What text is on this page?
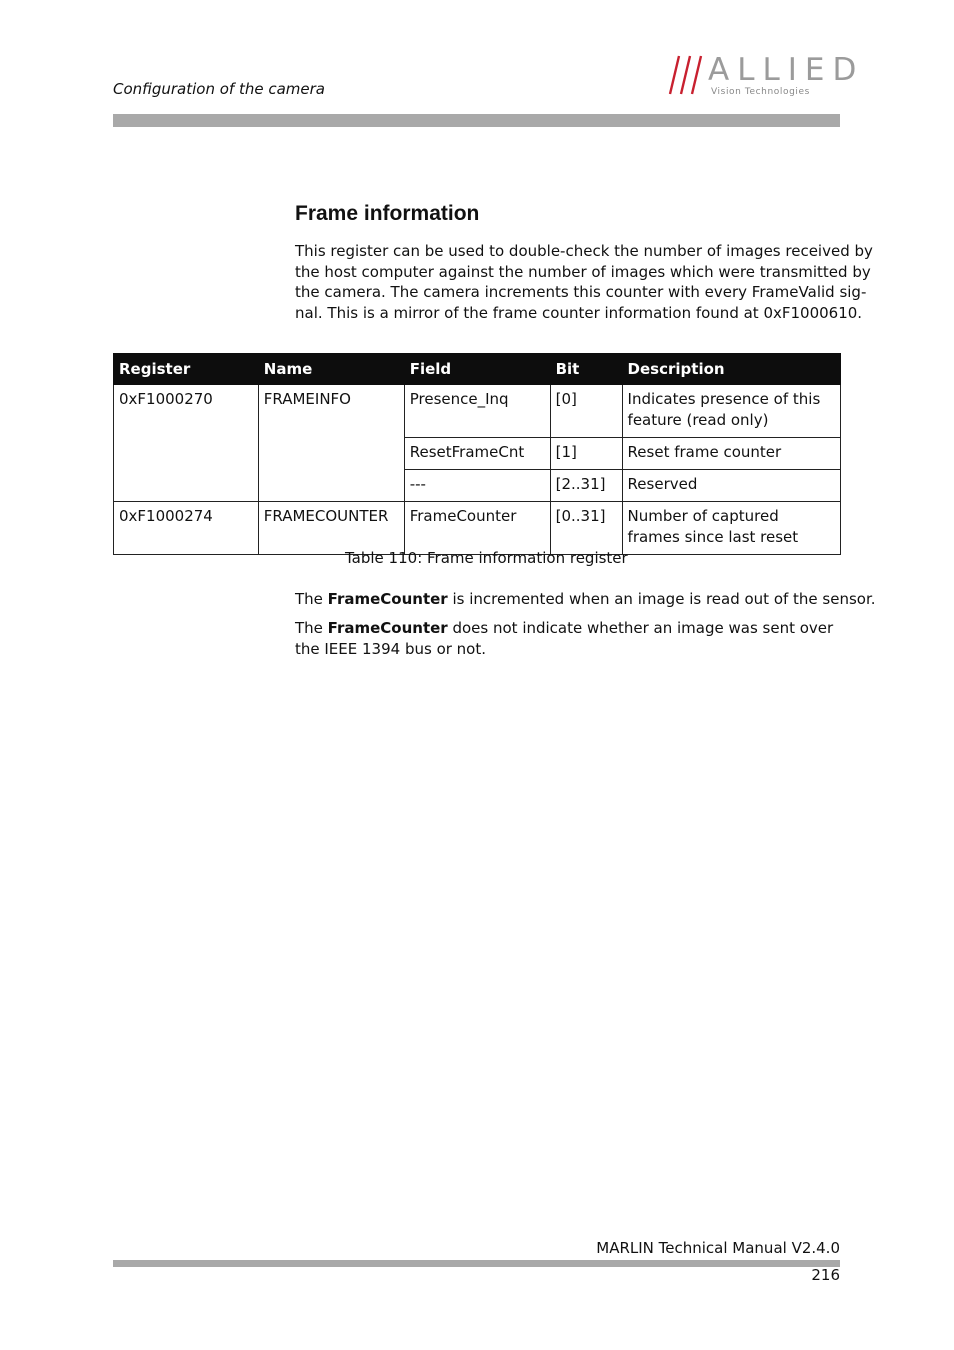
Configuration of the camera
ALLIED
Vision Technologies
Frame information
This register can be used to double-check the number of images received by
the host computer against the number of images which were transmitted by
the camera. The camera increments this counter with every FrameValid sig-
nal. This is a mirror of the frame counter information found at 0xF1000610.
Register	Name	Field	Bit	Description
0xF1000270	FRAMEINFO	Presence_Inq	[0]	Indicates presence of this feature (read only)
		ResetFrameCnt	[1]	Reset frame counter
		---	[2..31]	Reserved
0xF1000274	FRAMECOUNTER	FrameCounter	[0..31]	Number of captured frames since last reset
Table 110: Frame information register
The FrameCounter is incremented when an image is read out of the sensor.
The FrameCounter does not indicate whether an image was sent over the IEEE 1394 bus or not.
MARLIN Technical Manual V2.4.0
216
